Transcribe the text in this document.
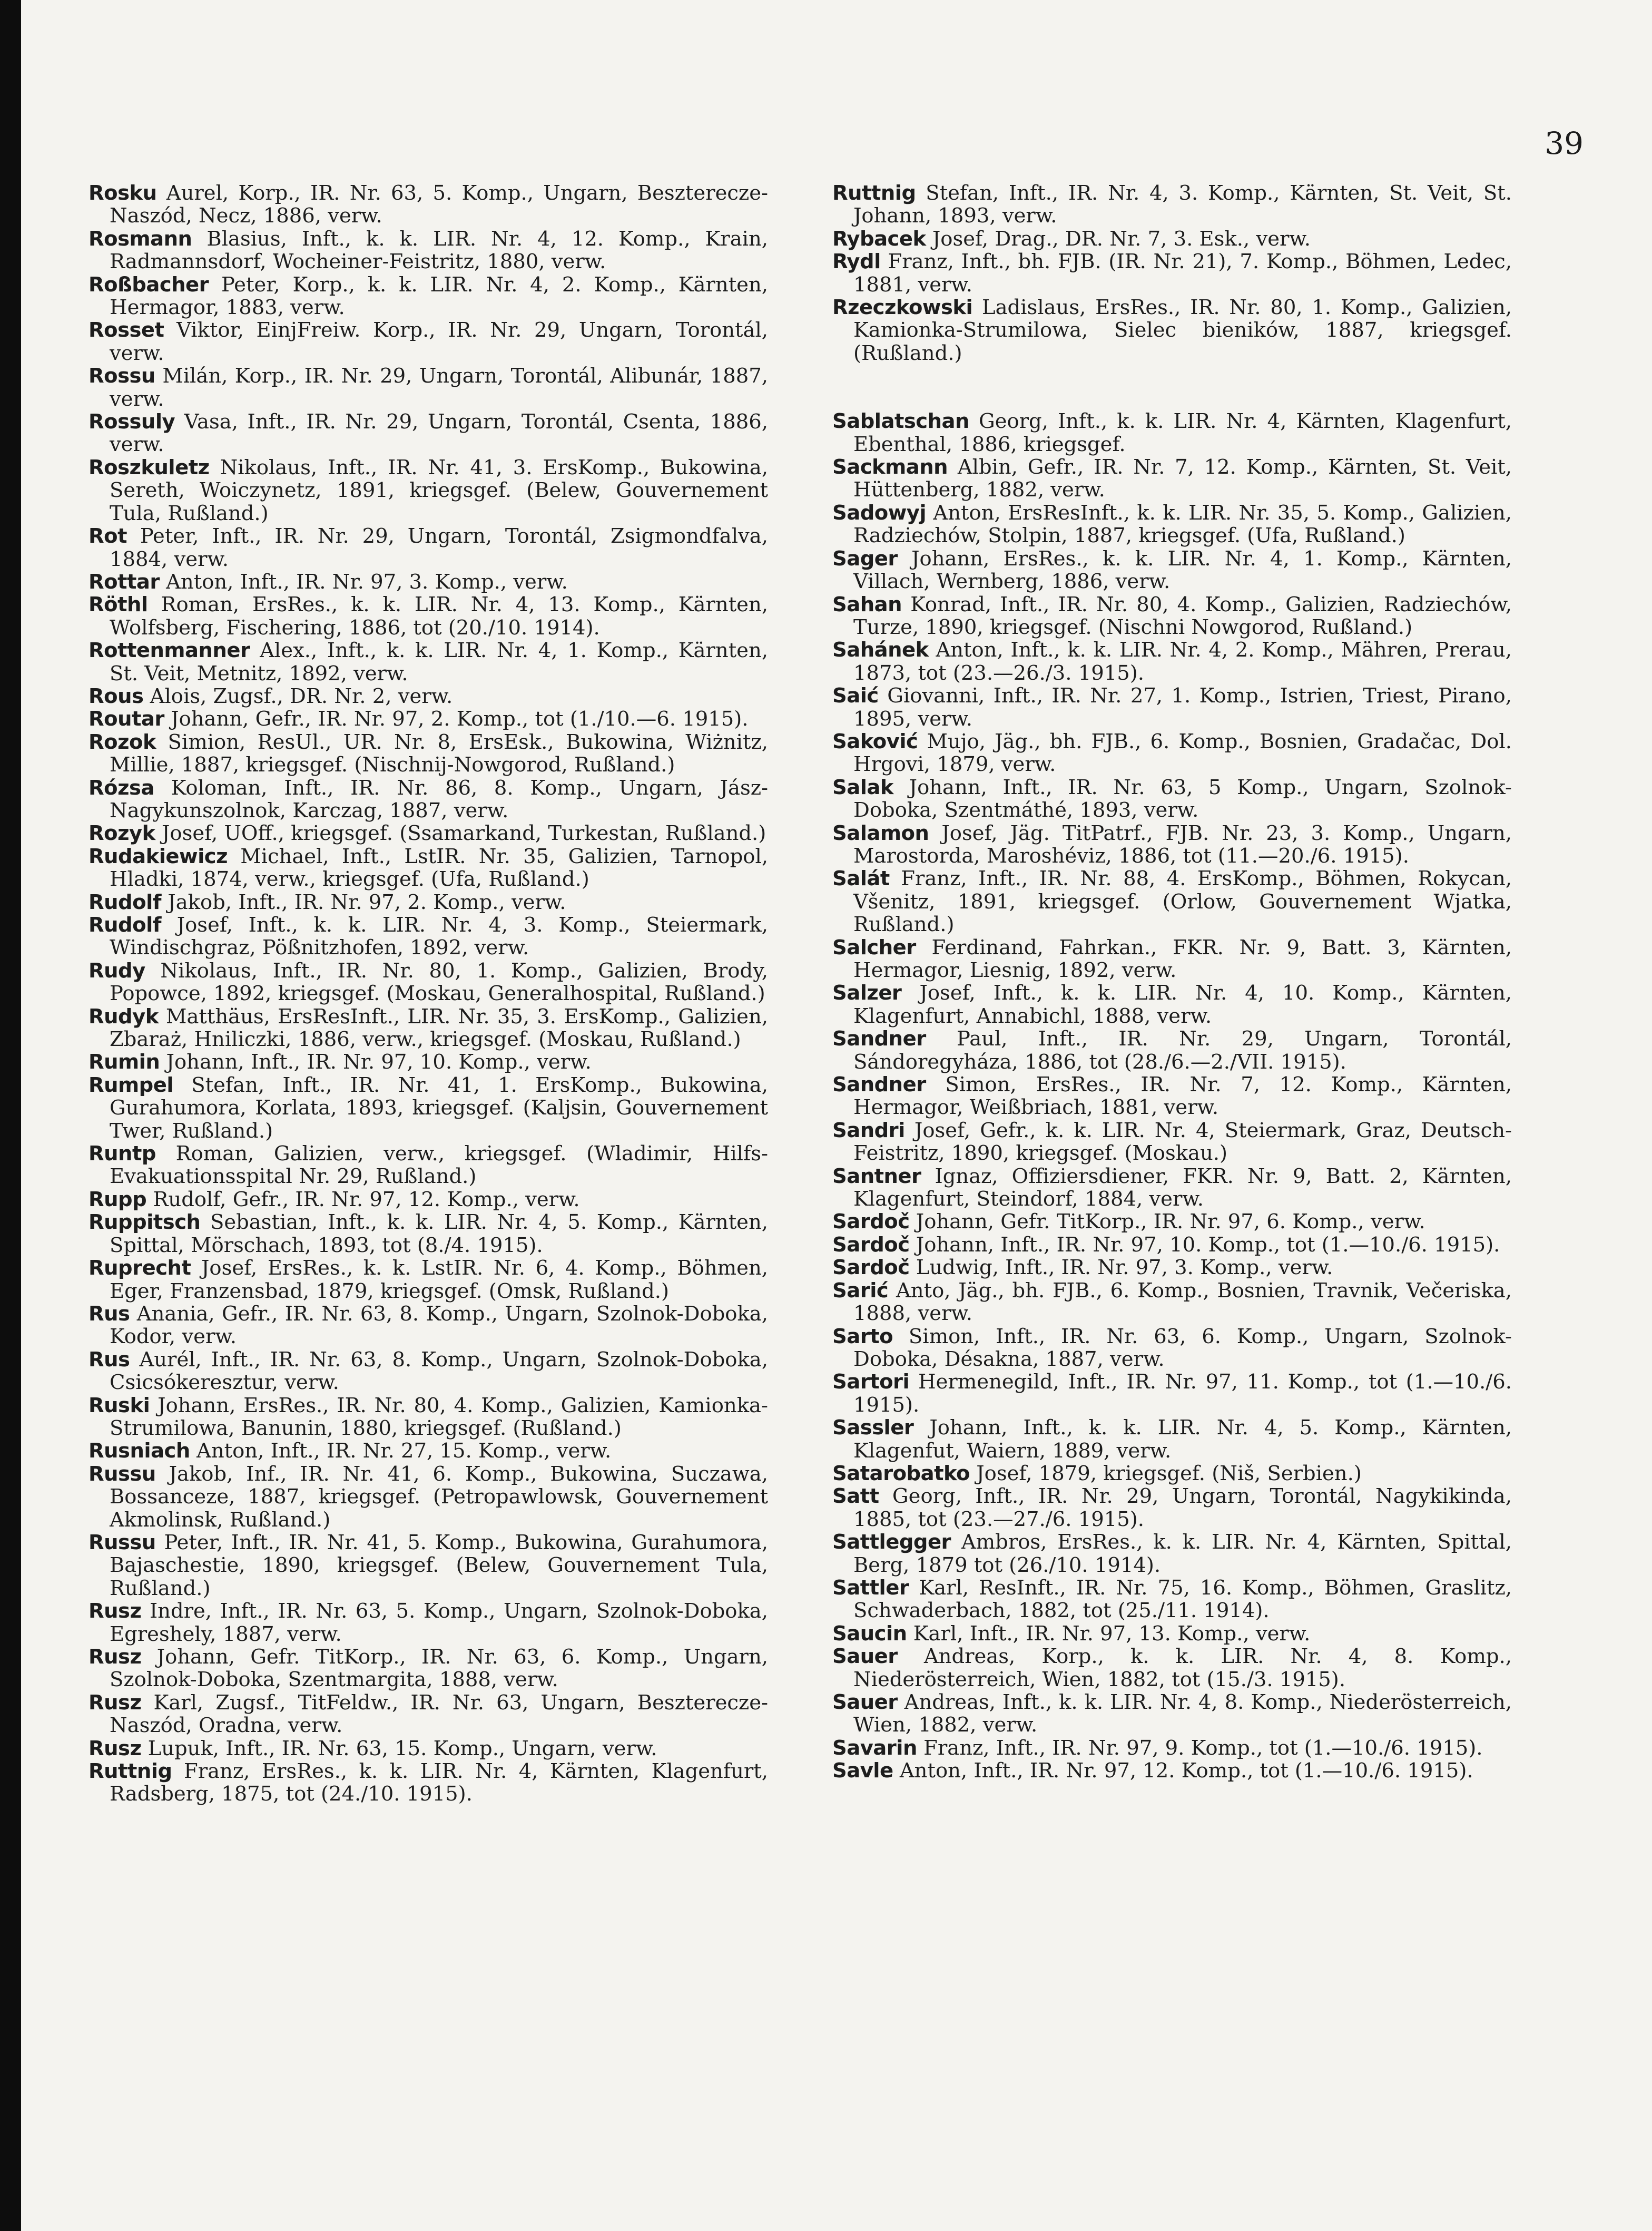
39

Rosku Aurel, Korp., IR. Nr. 63, 5. Komp., Ungarn, Beszterecze-Naszód, Necz, 1886, verw.

Rosmann Blasius, Inft., k. k. LIR. Nr. 4, 12. Komp., Krain, Radmannsdorf, Wocheiner-Feistritz, 1880, verw.

Roßbacher Peter, Korp., k. k. LIR. Nr. 4, 2. Komp., Kärnten, Hermagor, 1883, verw.

Rosset Viktor, EinjFreiw. Korp., IR. Nr. 29, Ungarn, Torontál, verw.

Rossu Milán, Korp., IR. Nr. 29, Ungarn, Torontál, Alibunár, 1887, verw.

Rossuly Vasa, Inft., IR. Nr. 29, Ungarn, Torontál, Csenta, 1886, verw.

Roszkuletz Nikolaus, Inft., IR. Nr. 41, 3. ErsKomp., Bukowina, Sereth, Woiczynetz, 1891, kriegsgef. (Belew, Gouvernement Tula, Rußland.)

Rot Peter, Inft., IR. Nr. 29, Ungarn, Torontál, Zsigmondfalva, 1884, verw.

Rottar Anton, Inft., IR. Nr. 97, 3. Komp., verw.

Röthl Roman, ErsRes., k. k. LIR. Nr. 4, 13. Komp., Kärnten, Wolfsberg, Fischering, 1886, tot (20./10. 1914).

Rottenmanner Alex., Inft., k. k. LIR. Nr. 4, 1. Komp., Kärnten, St. Veit, Metnitz, 1892, verw.

Rous Alois, Zugsf., DR. Nr. 2, verw.

Routar Johann, Gefr., IR. Nr. 97, 2. Komp., tot (1./10.—6. 1915).

Rozok Simion, ResUl., UR. Nr. 8, ErsEsk., Bukowina, Wiżnitz, Millie, 1887, kriegsgef. (Nischnij-Nowgorod, Rußland.)

Rózsa Koloman, Inft., IR. Nr. 86, 8. Komp., Ungarn, Jász-Nagykunszolnok, Karczag, 1887, verw.

Rozyk Josef, UOff., kriegsgef. (Ssamarkand, Turkestan, Rußland.)

Rudakiewicz Michael, Inft., LstIR. Nr. 35, Galizien, Tarnopol, Hladki, 1874, verw., kriegsgef. (Ufa, Rußland.)

Rudolf Jakob, Inft., IR. Nr. 97, 2. Komp., verw.

Rudolf Josef, Inft., k. k. LIR. Nr. 4, 3. Komp., Steiermark, Windischgraz, Pößnitzhofen, 1892, verw.

Rudy Nikolaus, Inft., IR. Nr. 80, 1. Komp., Galizien, Brody, Popowce, 1892, kriegsgef. (Moskau, Generalhospital, Rußland.)

Rudyk Matthäus, ErsResInft., LIR. Nr. 35, 3. ErsKomp., Galizien, Zbaraż, Hniliczki, 1886, verw., kriegsgef. (Moskau, Rußland.)

Rumin Johann, Inft., IR. Nr. 97, 10. Komp., verw.

Rumpel Stefan, Inft., IR. Nr. 41, 1. ErsKomp., Bukowina, Gurahumora, Korlata, 1893, kriegsgef. (Kaljsin, Gouvernement Twer, Rußland.)

Runtp Roman, Galizien, verw., kriegsgef. (Wladimir, Hilfs-Evakuationsspital Nr. 29, Rußland.)

Rupp Rudolf, Gefr., IR. Nr. 97, 12. Komp., verw.

Ruppitsch Sebastian, Inft., k. k. LIR. Nr. 4, 5. Komp., Kärnten, Spittal, Mörschach, 1893, tot (8./4. 1915).

Ruprecht Josef, ErsRes., k. k. LstIR. Nr. 6, 4. Komp., Böhmen, Eger, Franzensbad, 1879, kriegsgef. (Omsk, Rußland.)

Rus Anania, Gefr., IR. Nr. 63, 8. Komp., Ungarn, Szolnok-Doboka, Kodor, verw.

Rus Aurél, Inft., IR. Nr. 63, 8. Komp., Ungarn, Szolnok-Doboka, Csicsókeresztur, verw.

Ruski Johann, ErsRes., IR. Nr. 80, 4. Komp., Galizien, Kamionka-Strumilowa, Banunin, 1880, kriegsgef. (Rußland.)

Rusniach Anton, Inft., IR. Nr. 27, 15. Komp., verw.

Russu Jakob, Inf., IR. Nr. 41, 6. Komp., Bukowina, Suczawa, Bossanceze, 1887, kriegsgef. (Petropawlowsk, Gouvernement Akmolinsk, Rußland.)

Russu Peter, Inft., IR. Nr. 41, 5. Komp., Bukowina, Gurahumora, Bajaschestie, 1890, kriegsgef. (Belew, Gouvernement Tula, Rußland.)

Rusz Indre, Inft., IR. Nr. 63, 5. Komp., Ungarn, Szolnok-Doboka, Egreshely, 1887, verw.

Rusz Johann, Gefr. TitKorp., IR. Nr. 63, 6. Komp., Ungarn, Szolnok-Doboka, Szentmargita, 1888, verw.

Rusz Karl, Zugsf., TitFeldw., IR. Nr. 63, Ungarn, Beszterecze-Naszód, Oradna, verw.

Rusz Lupuk, Inft., IR. Nr. 63, 15. Komp., Ungarn, verw.

Ruttnig Franz, ErsRes., k. k. LIR. Nr. 4, Kärnten, Klagenfurt, Radsberg, 1875, tot (24./10. 1915).

Ruttnig Stefan, Inft., IR. Nr. 4, 3. Komp., Kärnten, St. Veit, St. Johann, 1893, verw.

Rybacek Josef, Drag., DR. Nr. 7, 3. Esk., verw.

Rydl Franz, Inft., bh. FJB. (IR. Nr. 21), 7. Komp., Böhmen, Ledec, 1881, verw.

Rzeczkowski Ladislaus, ErsRes., IR. Nr. 80, 1. Komp., Galizien, Kamionka-Strumilowa, Sielec bieników, 1887, kriegsgef. (Rußland.)

Sablatschan Georg, Inft., k. k. LIR. Nr. 4, Kärnten, Klagenfurt, Ebenthal, 1886, kriegsgef.

Sackmann Albin, Gefr., IR. Nr. 7, 12. Komp., Kärnten, St. Veit, Hüttenberg, 1882, verw.

Sadowyj Anton, ErsResInft., k. k. LIR. Nr. 35, 5. Komp., Galizien, Radziechów, Stolpin, 1887, kriegsgef. (Ufa, Rußland.)

Sager Johann, ErsRes., k. k. LIR. Nr. 4, 1. Komp., Kärnten, Villach, Wernberg, 1886, verw.

Sahan Konrad, Inft., IR. Nr. 80, 4. Komp., Galizien, Radziechów, Turze, 1890, kriegsgef. (Nischni Nowgorod, Rußland.)

Sahánek Anton, Inft., k. k. LIR. Nr. 4, 2. Komp., Mähren, Prerau, 1873, tot (23.—26./3. 1915).

Saić Giovanni, Inft., IR. Nr. 27, 1. Komp., Istrien, Triest, Pirano, 1895, verw.

Saković Mujo, Jäg., bh. FJB., 6. Komp., Bosnien, Gradačac, Dol. Hrgovi, 1879, verw.

Salak Johann, Inft., IR. Nr. 63, 5 Komp., Ungarn, Szolnok-Doboka, Szentmáthé, 1893, verw.

Salamon Josef, Jäg. TitPatrf., FJB. Nr. 23, 3. Komp., Ungarn, Marostorda, Maroshéviz, 1886, tot (11.—20./6. 1915).

Salát Franz, Inft., IR. Nr. 88, 4. ErsKomp., Böhmen, Rokycan, Všenitz, 1891, kriegsgef. (Orlow, Gouvernement Wjatka, Rußland.)

Salcher Ferdinand, Fahrkan., FKR. Nr. 9, Batt. 3, Kärnten, Hermagor, Liesnig, 1892, verw.

Salzer Josef, Inft., k. k. LIR. Nr. 4, 10. Komp., Kärnten, Klagenfurt, Annabichl, 1888, verw.

Sandner Paul, Inft., IR. Nr. 29, Ungarn, Torontál, Sándoregyháza, 1886, tot (28./6.—2./VII. 1915).

Sandner Simon, ErsRes., IR. Nr. 7, 12. Komp., Kärnten, Hermagor, Weißbriach, 1881, verw.

Sandri Josef, Gefr., k. k. LIR. Nr. 4, Steiermark, Graz, Deutsch-Feistritz, 1890, kriegsgef. (Moskau.)

Santner Ignaz, Offiziersdiener, FKR. Nr. 9, Batt. 2, Kärnten, Klagenfurt, Steindorf, 1884, verw.

Sardoč Johann, Gefr. TitKorp., IR. Nr. 97, 6. Komp., verw.

Sardoč Johann, Inft., IR. Nr. 97, 10. Komp., tot (1.—10./6. 1915).

Sardoč Ludwig, Inft., IR. Nr. 97, 3. Komp., verw.

Sarić Anto, Jäg., bh. FJB., 6. Komp., Bosnien, Travnik, Večeriska, 1888, verw.

Sarto Simon, Inft., IR. Nr. 63, 6. Komp., Ungarn, Szolnok-Doboka, Désakna, 1887, verw.

Sartori Hermenegild, Inft., IR. Nr. 97, 11. Komp., tot (1.—10./6. 1915).

Sassler Johann, Inft., k. k. LIR. Nr. 4, 5. Komp., Kärnten, Klagenfut, Waiern, 1889, verw.

Satarobatko Josef, 1879, kriegsgef. (Niš, Serbien.)

Satt Georg, Inft., IR. Nr. 29, Ungarn, Torontál, Nagykikinda, 1885, tot (23.—27./6. 1915).

Sattlegger Ambros, ErsRes., k. k. LIR. Nr. 4, Kärnten, Spittal, Berg, 1879 tot (26./10. 1914).

Sattler Karl, ResInft., IR. Nr. 75, 16. Komp., Böhmen, Graslitz, Schwaderbach, 1882, tot (25./11. 1914).

Saucin Karl, Inft., IR. Nr. 97, 13. Komp., verw.

Sauer Andreas, Korp., k. k. LIR. Nr. 4, 8. Komp., Niederösterreich, Wien, 1882, tot (15./3. 1915).

Sauer Andreas, Inft., k. k. LIR. Nr. 4, 8. Komp., Niederösterreich, Wien, 1882, verw.

Savarin Franz, Inft., IR. Nr. 97, 9. Komp., tot (1.—10./6. 1915).

Savle Anton, Inft., IR. Nr. 97, 12. Komp., tot (1.—10./6. 1915).
